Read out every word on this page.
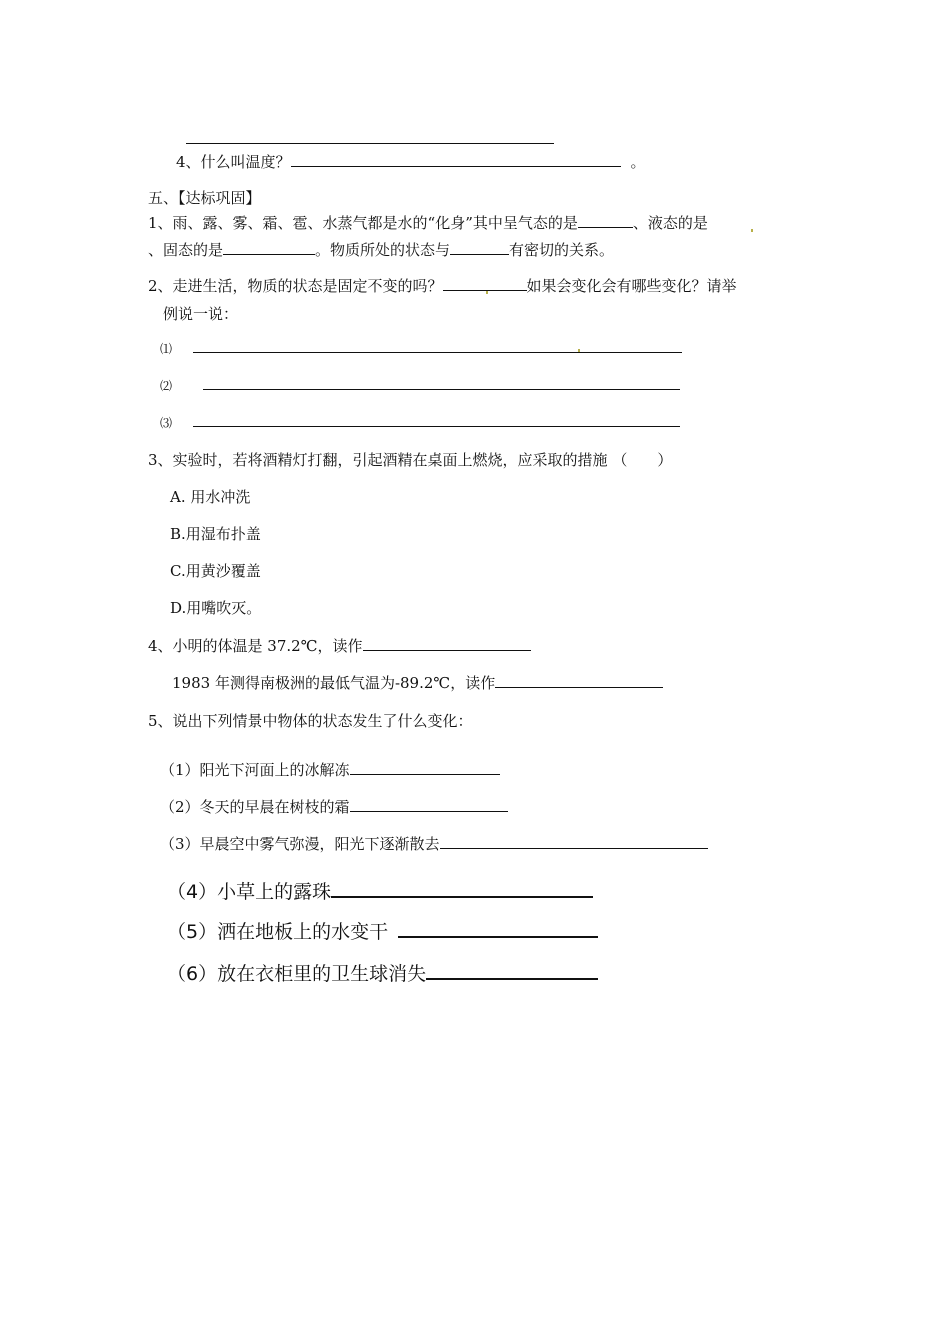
4、什么叫温度？	。
五、【达标巩固】
1、雨、露、雾、霜、雹、水蒸气都是水的“化身”其中呈气态的是	、液态的是
、固态的是	。物质所处的状态与	有密切的关系。
2、走进生活，物质的状态是固定不变的吗？	如果会变化会有哪些变化？请举
例说一说：
⑴
⑵
⑶
3、实验时，若将酒精灯打翻，引起酒精在桌面上燃烧，应采取的措施 （　　）
A. 用水冲洗
B.用湿布扑盖
C.用黄沙覆盖
D.用嘴吹灭。
4、小明的体温是 37.2℃，读作
1983 年测得南极洲的最低气温为-89.2℃，读作
5、说出下列情景中物体的状态发生了什么变化：
（1）阳光下河面上的冰解冻
（2）冬天的早晨在树枝的霜
（3）早晨空中雾气弥漫，阳光下逐渐散去
（4）小草上的露珠
（5）洒在地板上的水变干
（6）放在衣柜里的卫生球消失
